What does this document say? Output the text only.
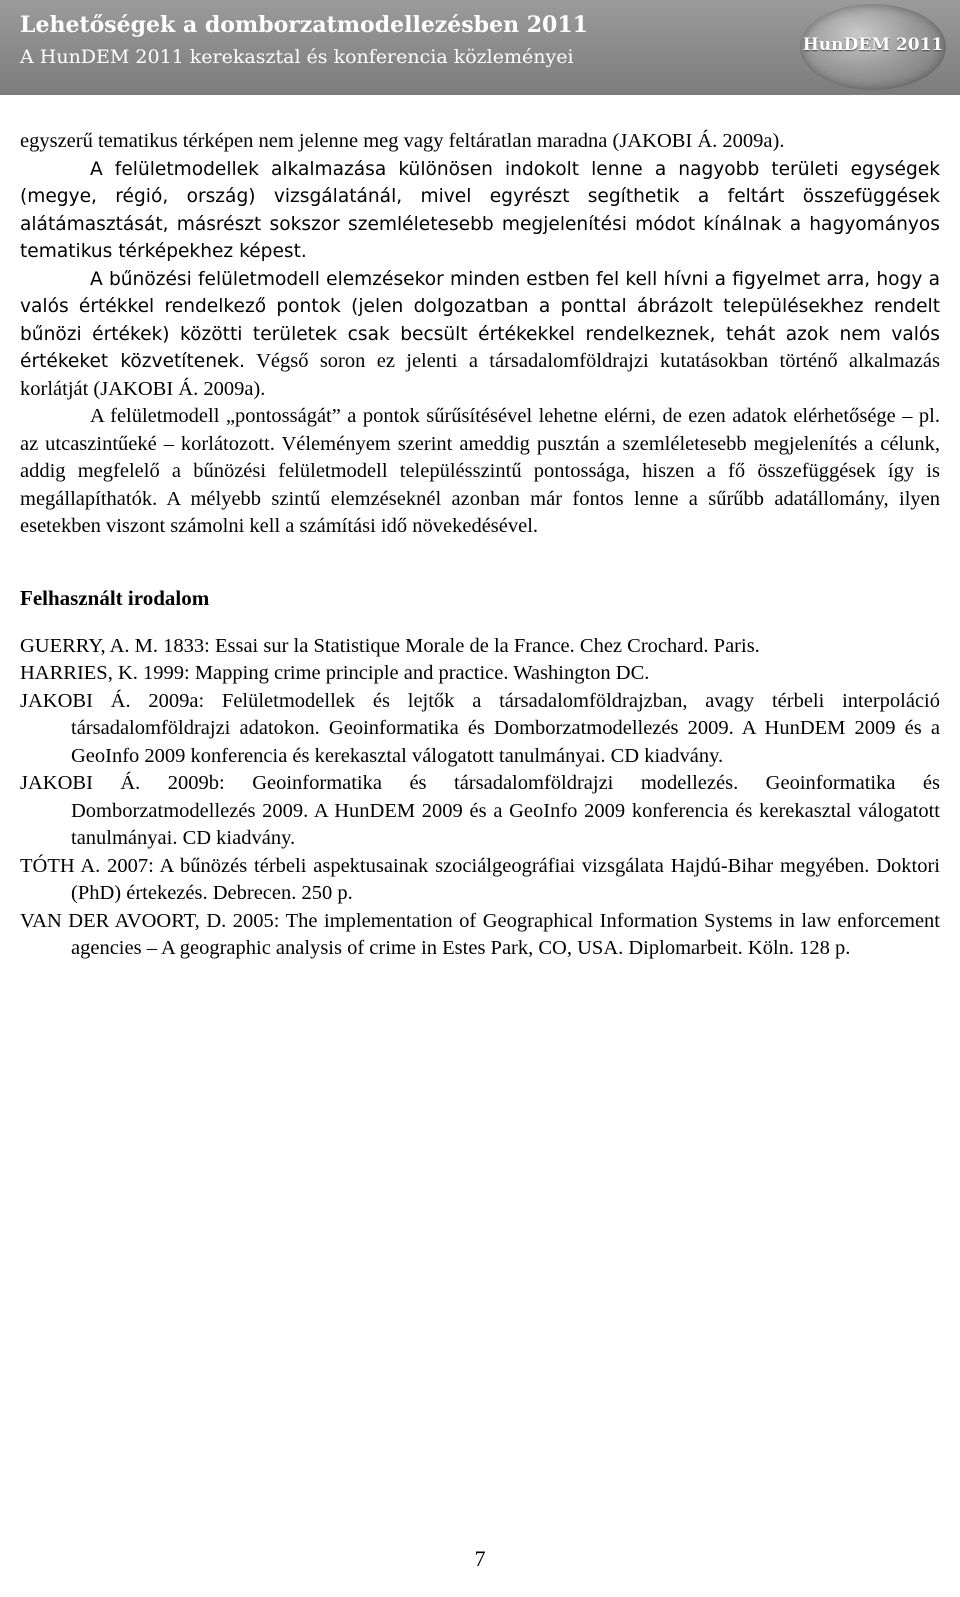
Lehetőségek a domborzatmodellezésben 2011
A HunDEM 2011 kerekasztal és konferencia közleményei
HunDEM 2011

egyszerű tematikus térképen nem jelenne meg vagy feltáratlan maradna (JAKOBI Á. 2009a).

A felületmodellek alkalmazása különösen indokolt lenne a nagyobb területi egységek (megye, régió, ország) vizsgálatánál, mivel egyrészt segíthetik a feltárt összefüggések alátámasztását, másrészt sokszor szemléletesebb megjelenítési módot kínálnak a hagyományos tematikus térképekhez képest.

A bűnözési felületmodell elemzésekor minden estben fel kell hívni a figyelmet arra, hogy a valós értékkel rendelkező pontok (jelen dolgozatban a ponttal ábrázolt településekhez rendelt bűnözi értékek) közötti területek csak becsült értékekkel rendelkeznek, tehát azok nem valós értékeket közvetítenek. Végső soron ez jelenti a társadalomföldrajzi kutatásokban történő alkalmazás korlátját (JAKOBI Á. 2009a).

A felületmodell „pontosságát” a pontok sűrűsítésével lehetne elérni, de ezen adatok elérhetősége – pl. az utcaszintűeké – korlátozott. Véleményem szerint ameddig pusztán a szemléletesebb megjelenítés a célunk, addig megfelelő a bűnözési felületmodell településszintű pontossága, hiszen a fő összefüggések így is megállapíthatók. A mélyebb szintű elemzéseknél azonban már fontos lenne a sűrűbb adatállomány, ilyen esetekben viszont számolni kell a számítási idő növekedésével.

Felhasznált irodalom

GUERRY, A. M. 1833: Essai sur la Statistique Morale de la France. Chez Crochard. Paris.

HARRIES, K. 1999: Mapping crime principle and practice. Washington DC.

JAKOBI Á. 2009a: Felületmodellek és lejtők a társadalomföldrajzban, avagy térbeli interpoláció társadalomföldrajzi adatokon. Geoinformatika és Domborzatmodellezés 2009. A HunDEM 2009 és a GeoInfo 2009 konferencia és kerekasztal válogatott tanulmányai. CD kiadvány.

JAKOBI Á. 2009b: Geoinformatika és társadalomföldrajzi modellezés. Geoinformatika és Domborzatmodellezés 2009. A HunDEM 2009 és a GeoInfo 2009 konferencia és kerekasztal válogatott tanulmányai. CD kiadvány.

TÓTH A. 2007: A bűnözés térbeli aspektusainak szociálgeográfiai vizsgálata Hajdú-Bihar megyében. Doktori (PhD) értekezés. Debrecen. 250 p.

VAN DER AVOORT, D. 2005: The implementation of Geographical Information Systems in law enforcement agencies – A geographic analysis of crime in Estes Park, CO, USA. Diplomarbeit. Köln. 128 p.

7
